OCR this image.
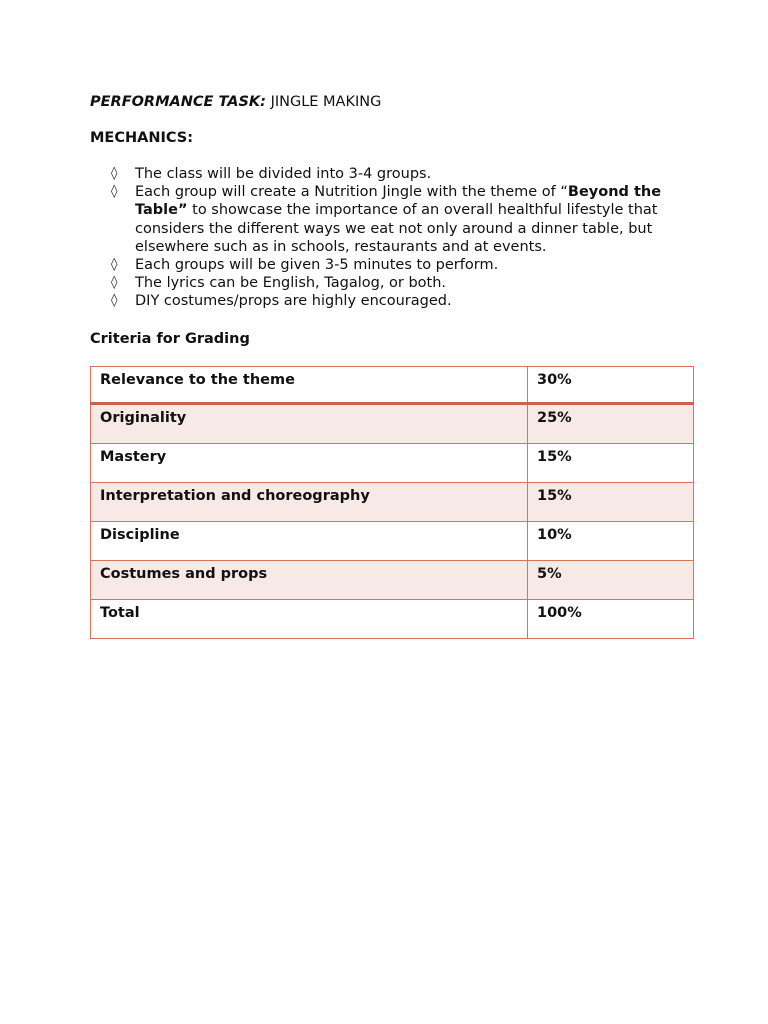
PERFORMANCE TASK: JINGLE MAKING

MECHANICS:
◊ The class will be divided into 3-4 groups.
◊ Each group will create a Nutrition Jingle with the theme of “Beyond the Table” to showcase the importance of an overall healthful lifestyle that considers the different ways we eat not only around a dinner table, but elsewhere such as in schools, restaurants and at events.
◊ Each groups will be given 3-5 minutes to perform.
◊ The lyrics can be English, Tagalog, or both.
◊ DIY costumes/props are highly encouraged.
Criteria for Grading
Relevance to the theme	30%
Originality	25%
Mastery	15%
Interpretation and choreography	15%
Discipline	10%
Costumes and props	5%
Total	100%
